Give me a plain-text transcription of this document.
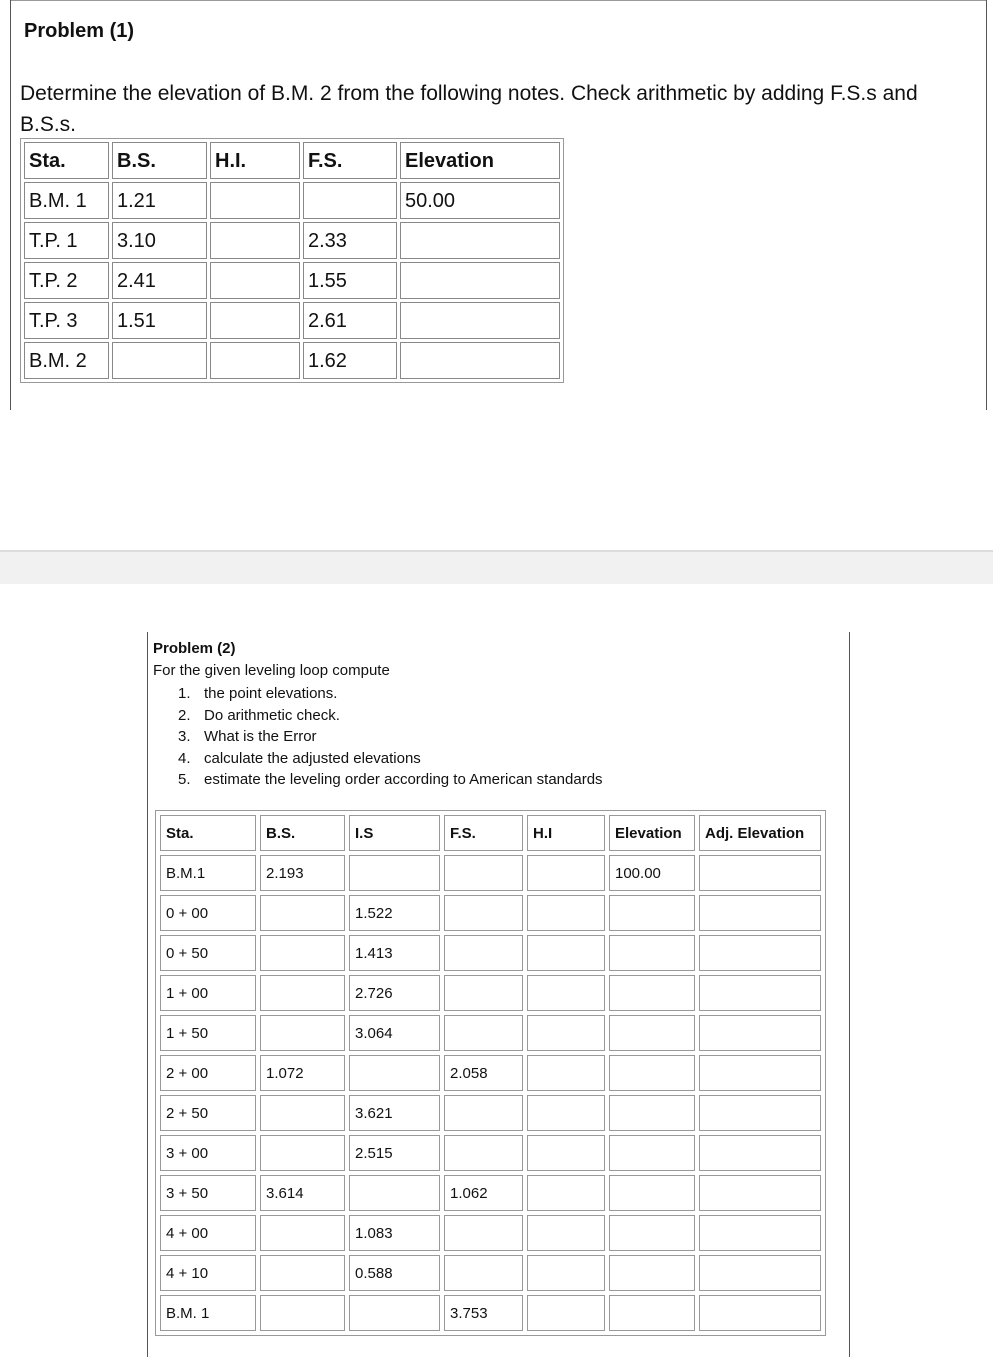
Problem (1)
Determine the elevation of B.M. 2 from the following notes. Check arithmetic by adding F.S.s and B.S.s.
Sta.	B.S.	H.I.	F.S.	Elevation
B.M. 1	1.21			50.00
T.P. 1	3.10		2.33	
T.P. 2	2.41		1.55	
T.P. 3	1.51		2.61	
B.M. 2			1.62	
Problem (2)
For the given leveling loop compute
1. the point elevations.
2. Do arithmetic check.
3. What is the Error
4. calculate the adjusted elevations
5. estimate the leveling order according to American standards
Sta.	B.S.	I.S	F.S.	H.I	Elevation	Adj. Elevation
B.M.1	2.193				100.00	
0 + 00		1.522				
0 + 50		1.413				
1 + 00		2.726				
1 + 50		3.064				
2 + 00	1.072		2.058			
2 + 50		3.621				
3 + 00		2.515				
3 + 50	3.614		1.062			
4 + 00		1.083				
4 + 10		0.588				
B.M. 1			3.753			
